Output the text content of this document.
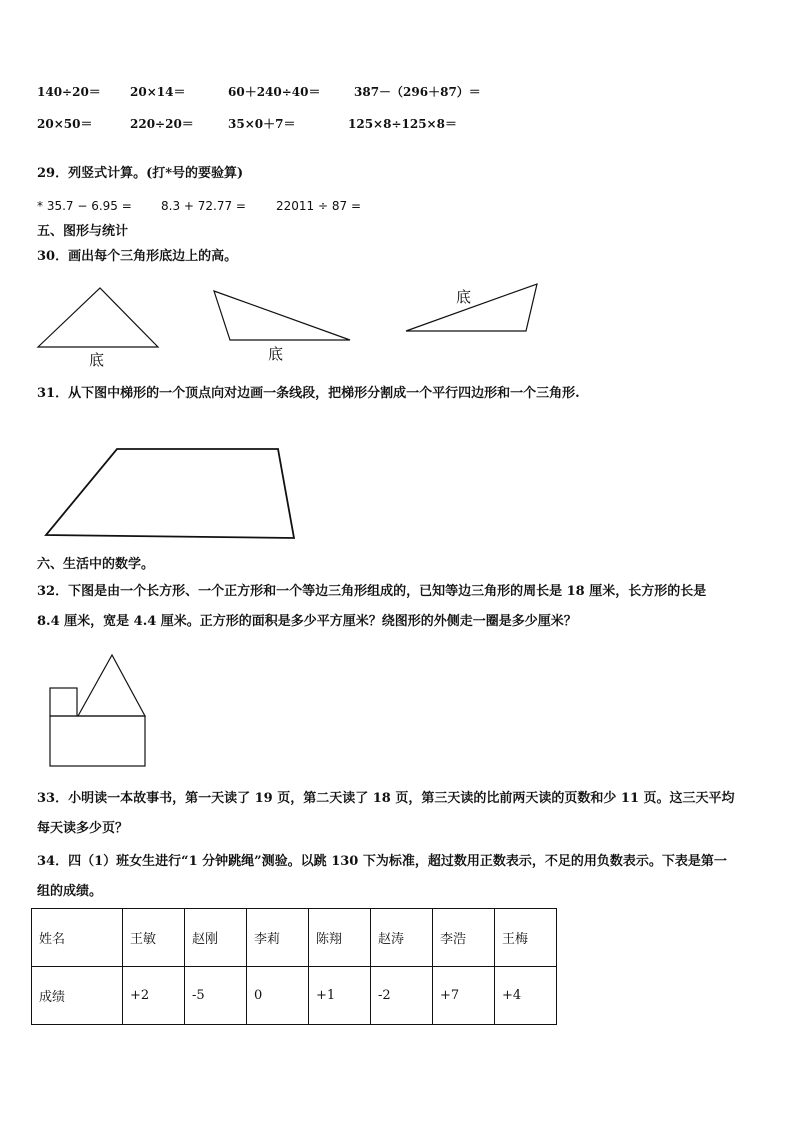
140÷20＝ 20×14＝	60＋240÷40＝	387－（296＋87）＝
20×50＝	220÷20＝	35×0＋7＝	125×8÷125×8＝
29．列竖式计算。(打*号的要验算)
* 35.7 − 6.95 = 8.3 + 72.77 =	22011 ÷ 87 =
五、图形与统计
30．画出每个三角形底边上的高。
底	底
底
31．从下图中梯形的一个顶点向对边画一条线段，把梯形分割成一个平行四边形和一个三角形.
六、生活中的数学。
32．下图是由一个长方形、一个正方形和一个等边三角形组成的，已知等边三角形的周长是 18 厘米，长方形的长是
8.4 厘米，宽是 4.4 厘米。正方形的面积是多少平方厘米？绕图形的外侧走一圈是多少厘米？
33．小明读一本故事书，第一天读了 19 页，第二天读了 18 页，第三天读的比前两天读的页数和少 11 页。这三天平均
每天读多少页？
34．四（1）班女生进行“1 分钟跳绳”测验。以跳 130 下为标准，超过数用正数表示，不足的用负数表示。下表是第一
组的成绩。
姓名	王敏	赵刚	李莉	陈翔	赵涛	李浩	王梅
成绩	+2	-5	0	+1	-2	+7	+4
